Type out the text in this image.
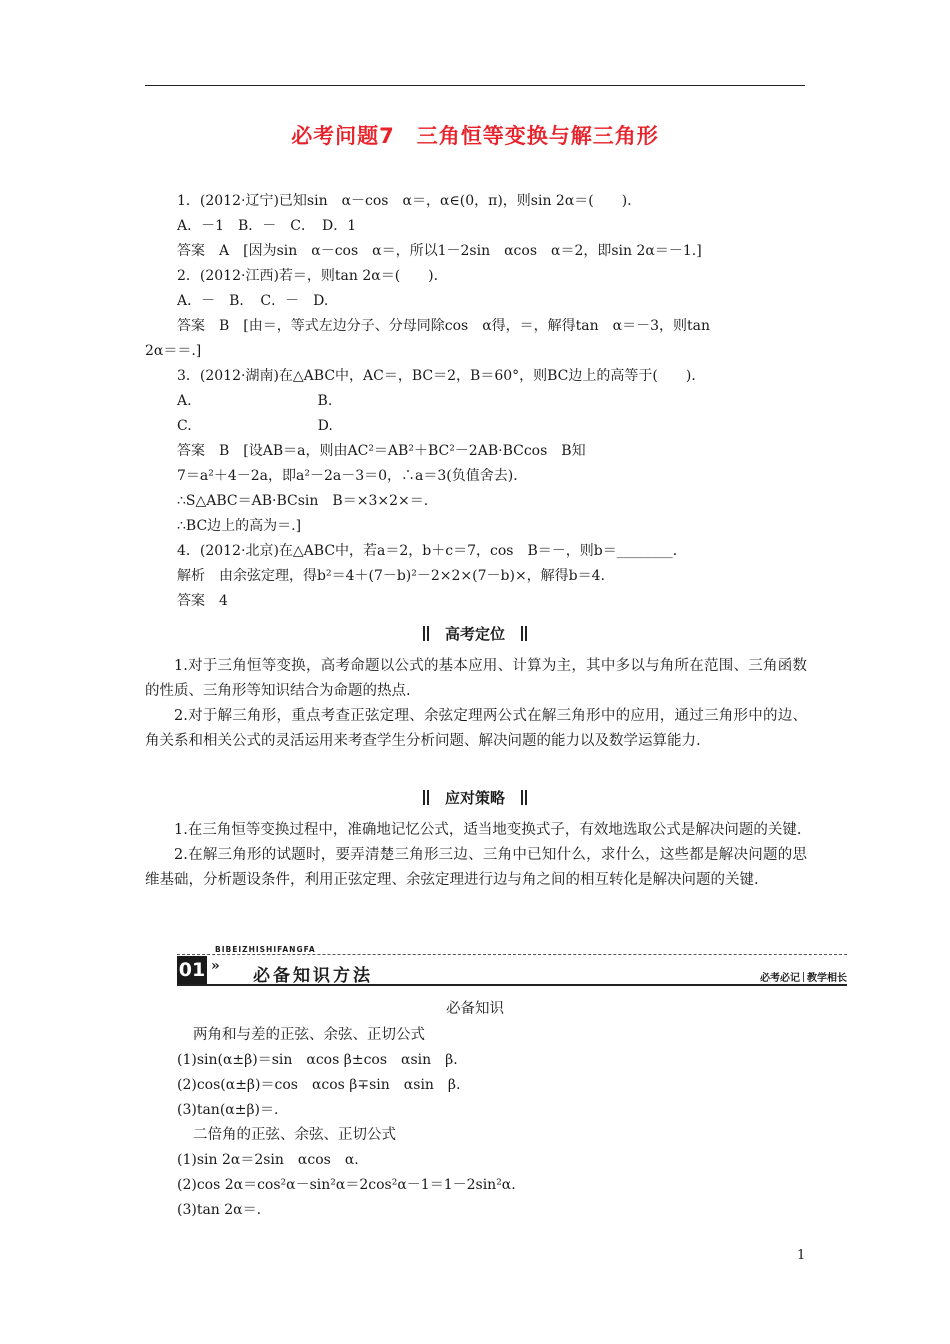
必考问题7　三角恒等变换与解三角形
1．(2012·辽宁)已知sin　α－cos　α＝，α∈(0，π)，则sin 2α＝(　　)．
A．－1　B．－　C．　D．1
答案　A　[因为sin　α－cos　α＝，所以1－2sin　αcos　α＝2，即sin 2α＝－1.]
2．(2012·江西)若＝，则tan 2α＝(　　)．
A．－　B．　C．－　D.
答案　B　[由＝，等式左边分子、分母同除cos　α得，＝，解得tan　α＝－3，则tan
2α＝＝.]
3．(2012·湖南)在△ABC中，AC＝，BC＝2，B＝60°，则BC边上的高等于(　　)．
A.　　　　　　　　　B.
C.　　　　　　　　　D.
答案　B　[设AB＝a，则由AC²＝AB²＋BC²－2AB·BCcos　B知
7＝a²＋4－2a，即a²－2a－3＝0，∴a＝3(负值舍去)．
∴S△ABC＝AB·BCsin　B＝×3×2×＝.
∴BC边上的高为＝.]
4．(2012·北京)在△ABC中，若a＝2，b＋c＝7，cos　B＝－，则b＝________．
解析　由余弦定理，得b²＝4＋(7－b)²－2×2×(7－b)×，解得b＝4.
答案　4
　高考定位　

1.对于三角恒等变换，高考命题以公式的基本应用、计算为主，其中多以与角所在范围、三角函数的性质、三角形等知识结合为命题的热点.

2.对于解三角形，重点考查正弦定理、余弦定理两公式在解三角形中的应用，通过三角形中的边、角关系和相关公式的灵活运用来考查学生分析问题、解决问题的能力以及数学运算能力.

　应对策略　

1.在三角恒等变换过程中，准确地记忆公式，适当地变换式子，有效地选取公式是解决问题的关键.

2.在解三角形的试题时，要弄清楚三角形三边、三角中已知什么，求什么，这些都是解决问题的思维基础，分析题设条件，利用正弦定理、余弦定理进行边与角之间的相互转化是解决问题的关键.

BIBEIZHISHIFANGFA
01 » 必备知识方法	必考必记 教学相长
必备知识
两角和与差的正弦、余弦、正切公式
(1)sin(α±β)＝sin　αcos β±cos　αsin　β.
(2)cos(α±β)＝cos　αcos β∓sin　αsin　β.
(3)tan(α±β)＝.
二倍角的正弦、余弦、正切公式
(1)sin 2α＝2sin　αcos　α.
(2)cos 2α＝cos²α－sin²α＝2cos²α－1＝1－2sin²α.
(3)tan 2α＝.
1
